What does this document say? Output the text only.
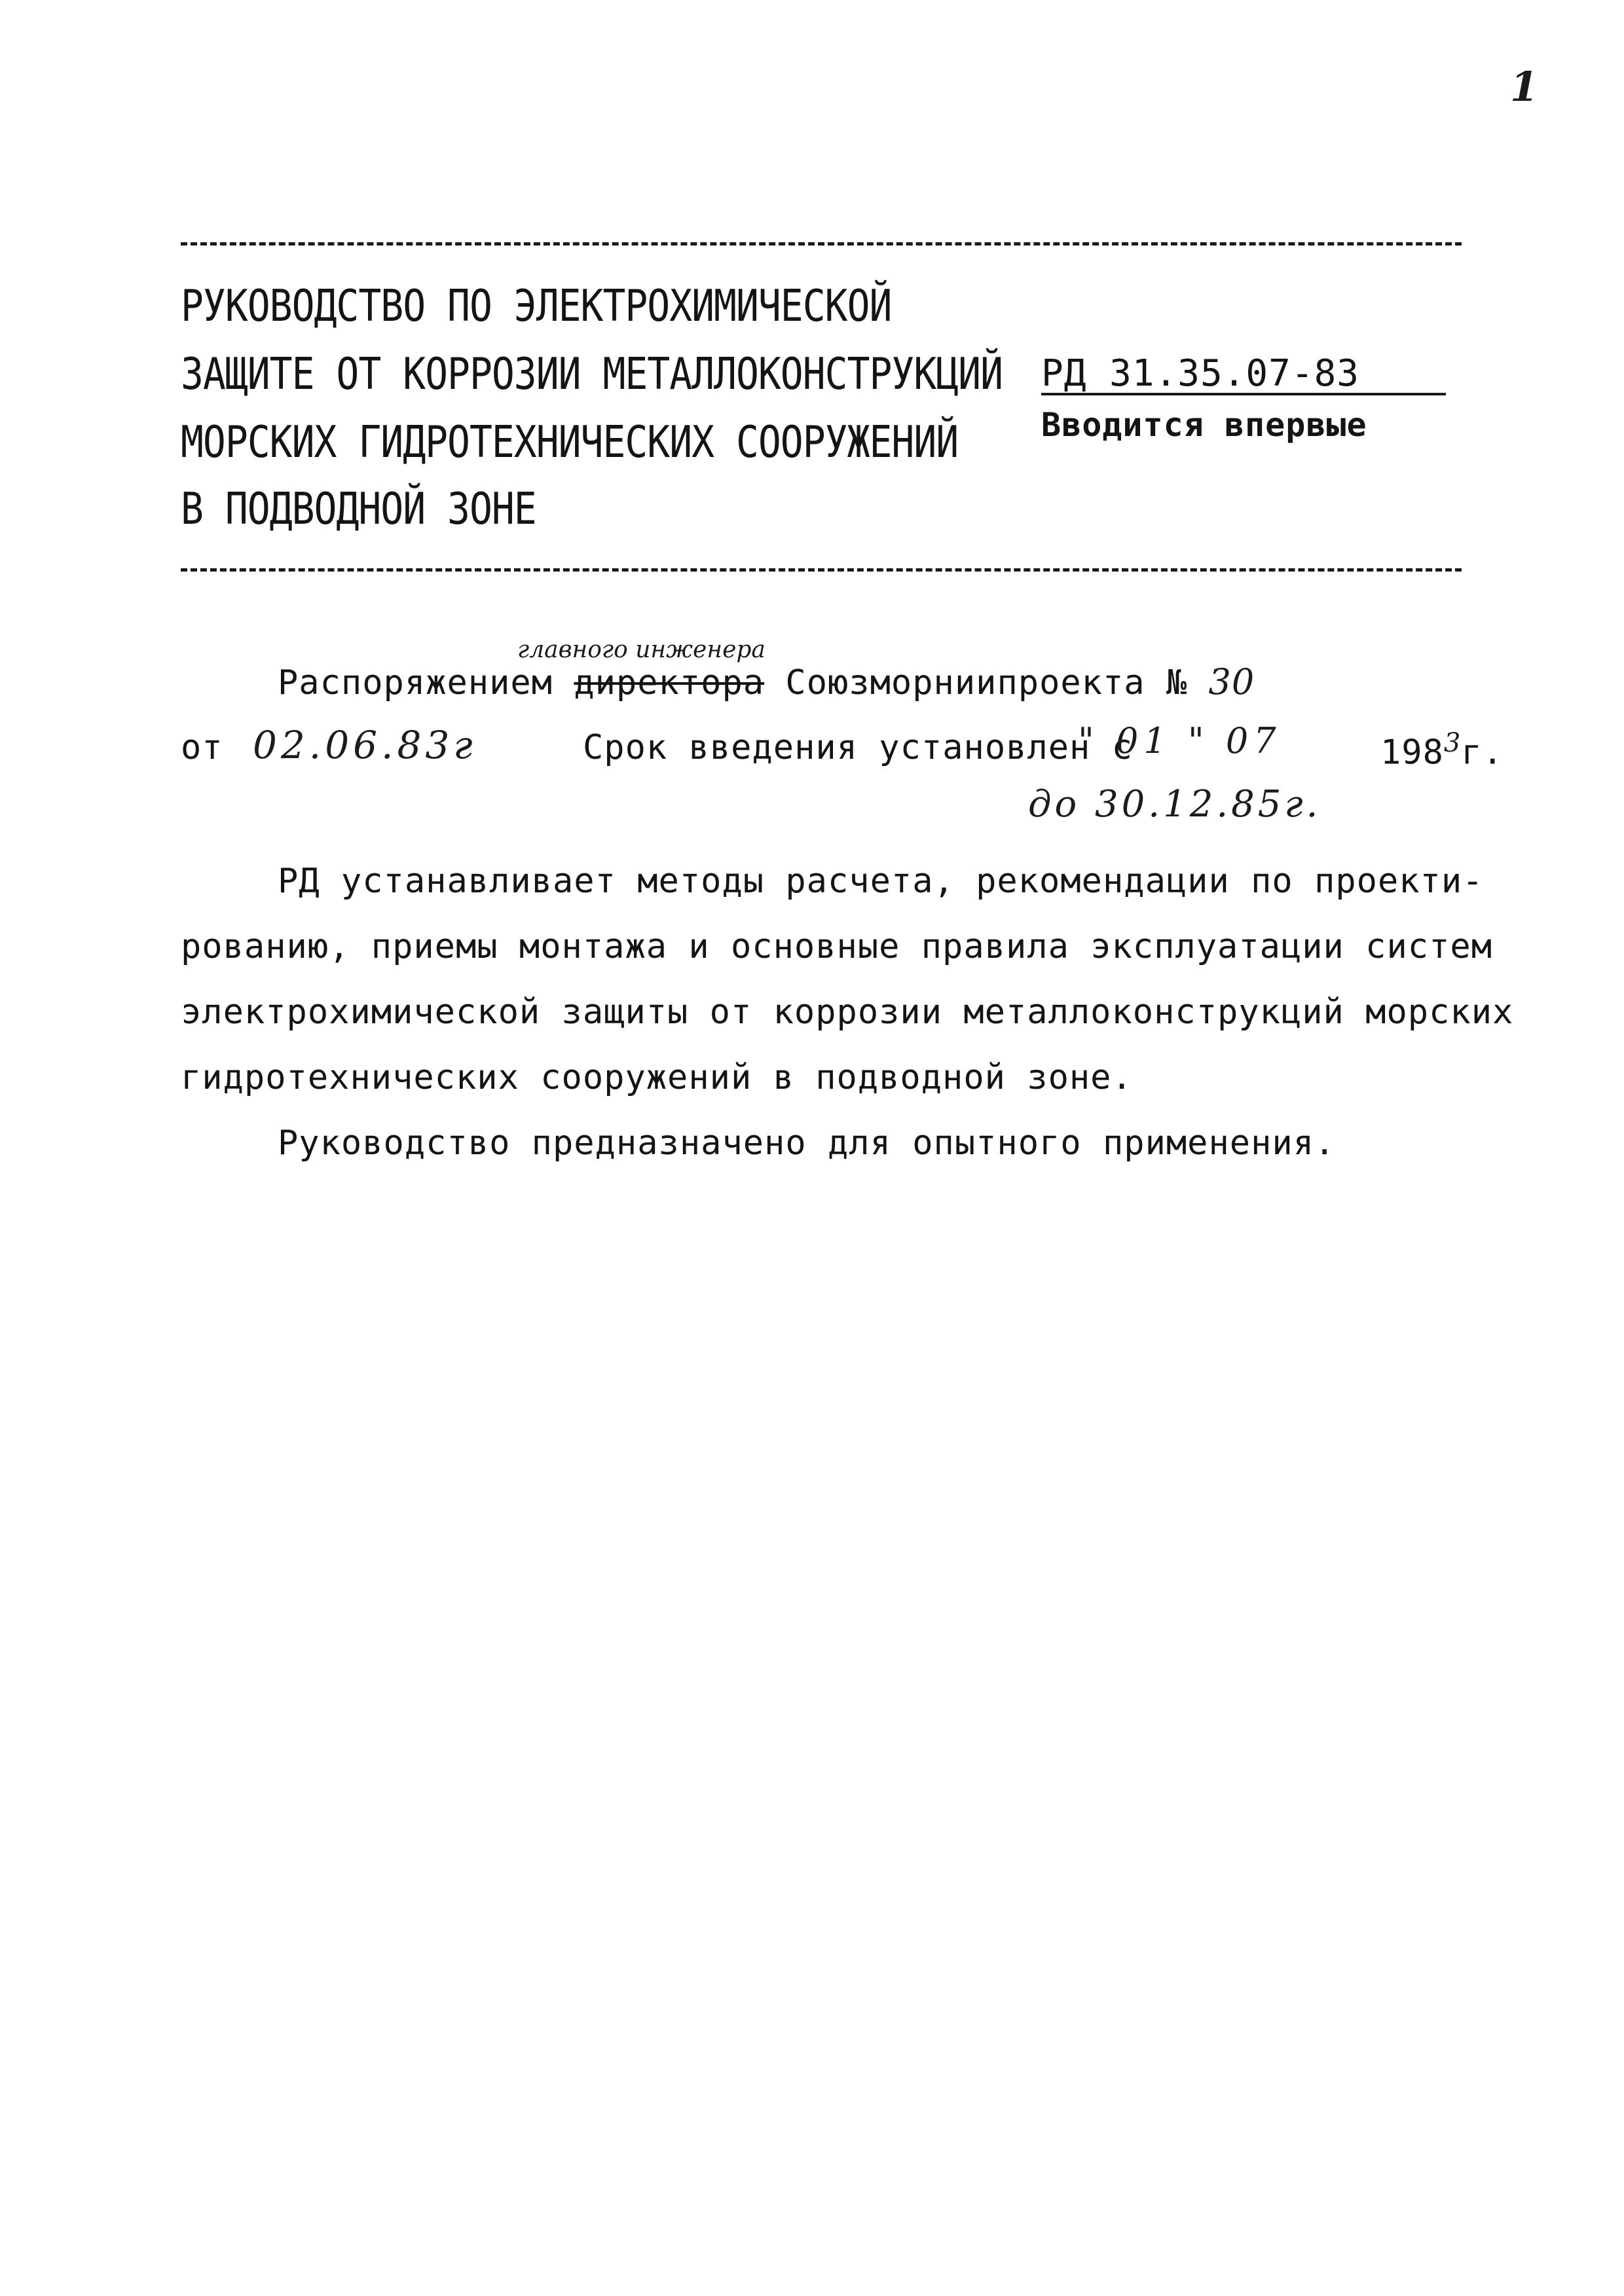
1
РУКОВОДСТВО ПО ЭЛЕКТРОХИМИЧЕСКОЙ
ЗАЩИТЕ ОТ КОРРОЗИИ МЕТАЛЛОКОНСТРУКЦИЙ
МОРСКИХ ГИДРОТЕХНИЧЕСКИХ СООРУЖЕНИЙ
В ПОДВОДНОЙ ЗОНЕ
РД 31.35.07-83
Вводится впервые
главного инженера
Распоряжением директора Союзморниипроекта № 30
от 02.06.83г	Срок введения установлен с
" 01 " 07	$198^3г$.
до 30.12.85г.
РД устанавливает методы расчета, рекомендации по проекти-
рованию, приемы монтажа и основные правила эксплуатации систем
электрохимической защиты от коррозии металлоконструкций морских
гидротехнических сооружений в подводной зоне.
Руководство предназначено для опытного применения.
